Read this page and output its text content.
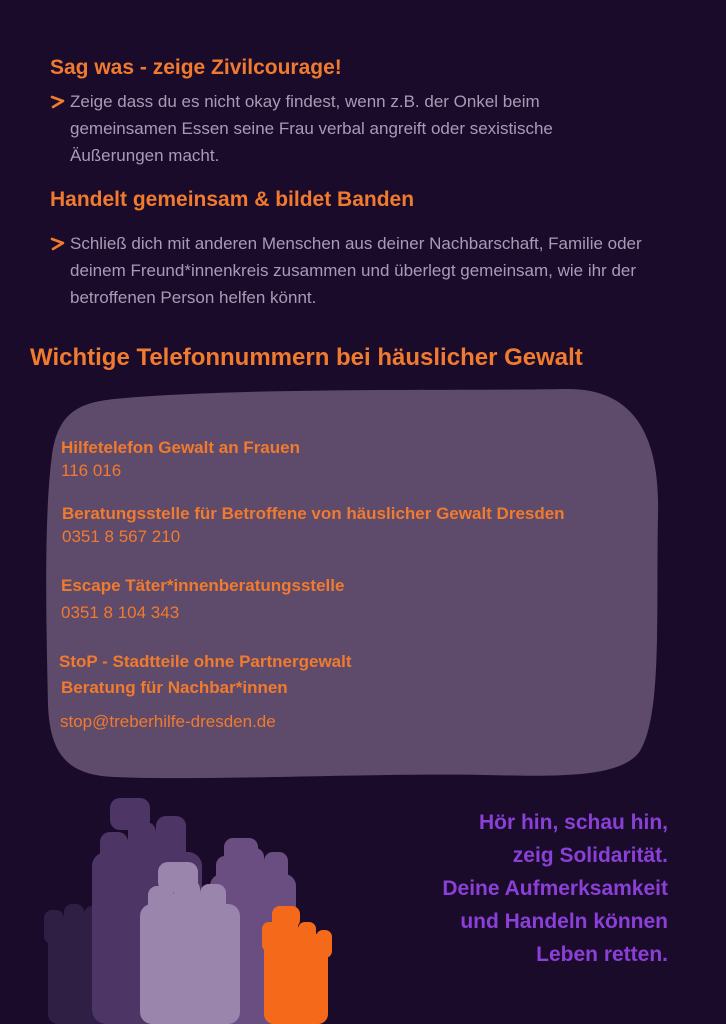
Sag was - zeige Zivilcourage!
Zeige dass du es nicht okay findest, wenn z.B. der Onkel beim gemeinsamen Essen seine Frau verbal angreift oder sexistische Äußerungen macht.
Handelt gemeinsam & bildet Banden
Schließ dich mit anderen Menschen aus deiner Nachbarschaft, Familie oder deinem Freund*innenkreis zusammen und überlegt gemeinsam, wie ihr der betroffenen Person helfen könnt.
Wichtige Telefonnummern bei häuslicher Gewalt
Hilfetelefon Gewalt an Frauen
116 016
Beratungsstelle für Betroffene von häuslicher Gewalt Dresden
0351 8 567 210
Escape Täter*innenberatungsstelle
0351 8 104 343
StoP - Stadtteile ohne Partnergewalt
Beratung für Nachbar*innen
stop@treberhilfe-dresden.de
Hör hin, schau hin,
zeig Solidarität.
Deine Aufmerksamkeit
und Handeln können
Leben retten.
